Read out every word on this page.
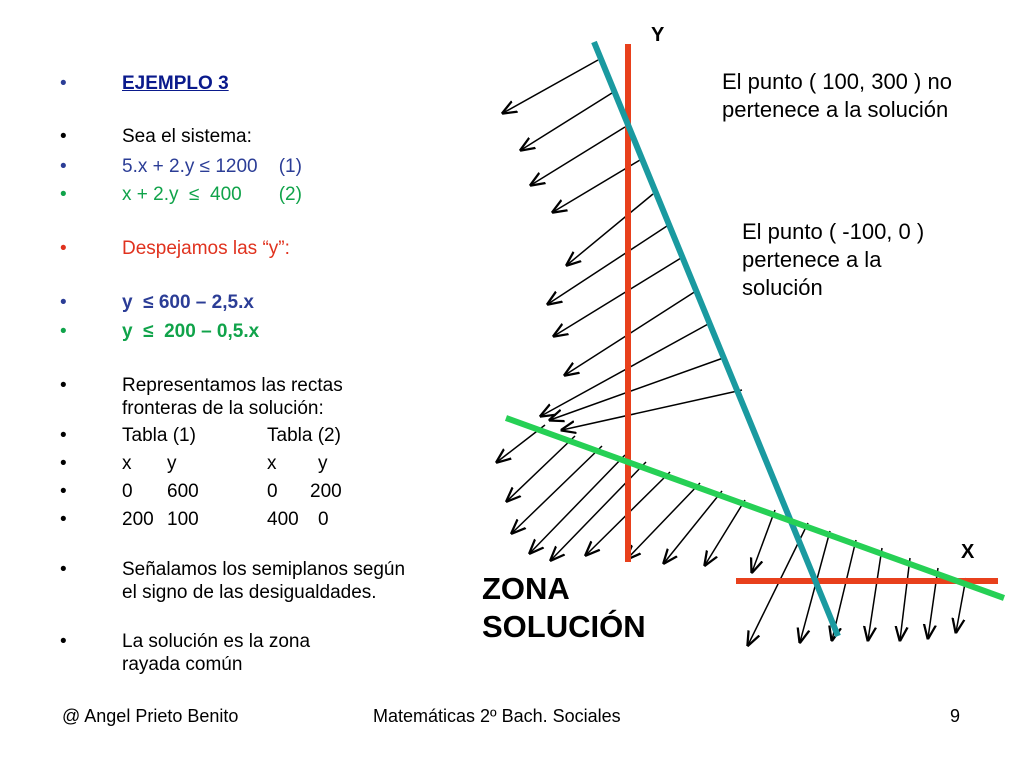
•	EJEMPLO 3
•	Sea el sistema:
•	5.x + 2.y ≤ 1200    (1)
•	x + 2.y  ≤  400       (2)
•	Despejamos las “y”:
•	y  ≤ 600 – 2,5.x
•	y  ≤  200 – 0,5.x
•	Representamos las rectas fronteras de la solución:
•	Tabla (1)	Tabla (2)
•	x y	x y
•	0 600	0 200
•	200 100	400 0
•	Señalamos los semiplanos según el signo de las desigualdades.
•	La solución es la zona rayada común
Y
X
El punto ( 100, 300 ) no pertenece a la solución
El punto ( -100, 0 ) pertenece a la solución
ZONA
SOLUCIÓN
@ Angel Prieto Benito	Matemáticas 2º Bach. Sociales	9
